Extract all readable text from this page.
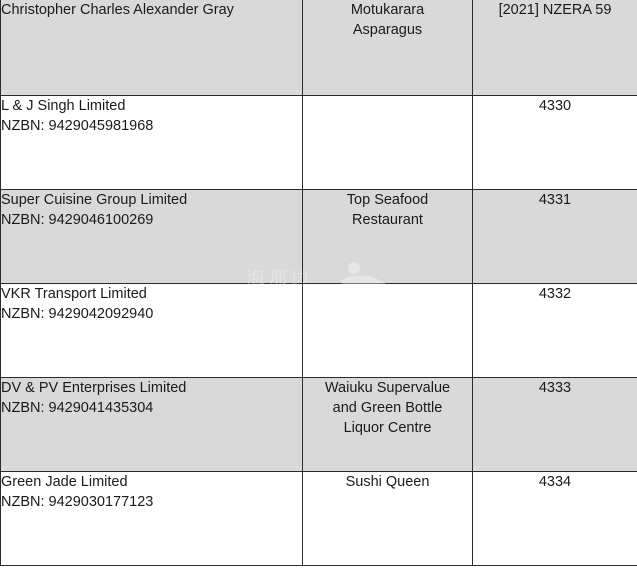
Christopher Charles Alexander Gray	Motukarara
Asparagus	[2021] NZERA 59

L & J Singh Limited
NZBN: 9429045981968		4330

Super Cuisine Group Limited
NZBN: 9429046100269	Top Seafood
Restaurant	4331

VKR Transport Limited
NZBN: 9429042092940		4332

DV & PV Enterprises Limited
NZBN: 9429041435304	Waiuku Supervalue
and Green Bottle
Liquor Centre	4333

Green Jade Limited
NZBN: 9429030177123	Sushi Queen	4334
海那边
Hinabian
